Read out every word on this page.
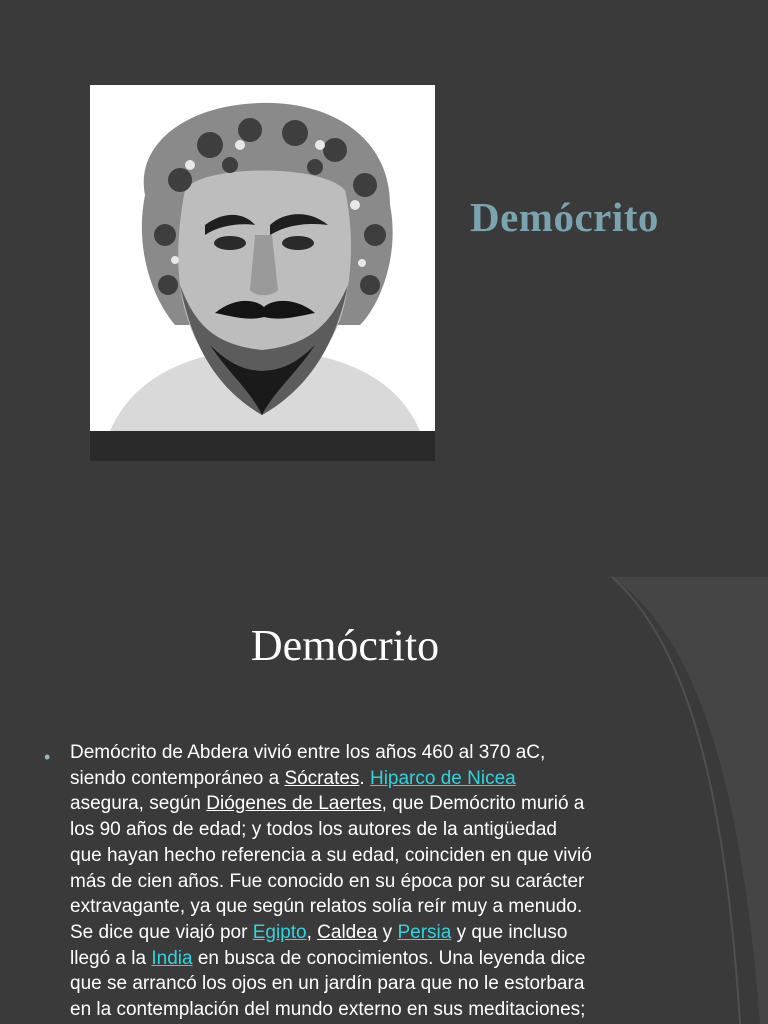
Demócrito
Demócrito
• Demócrito de Abdera vivió entre los años 460 al 370 aC,
siendo contemporáneo a Sócrates. Hiparco de Nicea
asegura, según Diógenes de Laertes, que Demócrito murió a
los 90 años de edad; y todos los autores de la antigüedad
que hayan hecho referencia a su edad, coinciden en que vivió
más de cien años. Fue conocido en su época por su carácter
extravagante, ya que según relatos solía reír muy a menudo.
Se dice que viajó por Egipto, Caldea y Persia y que incluso
llegó a la India en busca de conocimientos. Una leyenda dice
que se arrancó los ojos en un jardín para que no le estorbara
en la contemplación del mundo externo en sus meditaciones;
